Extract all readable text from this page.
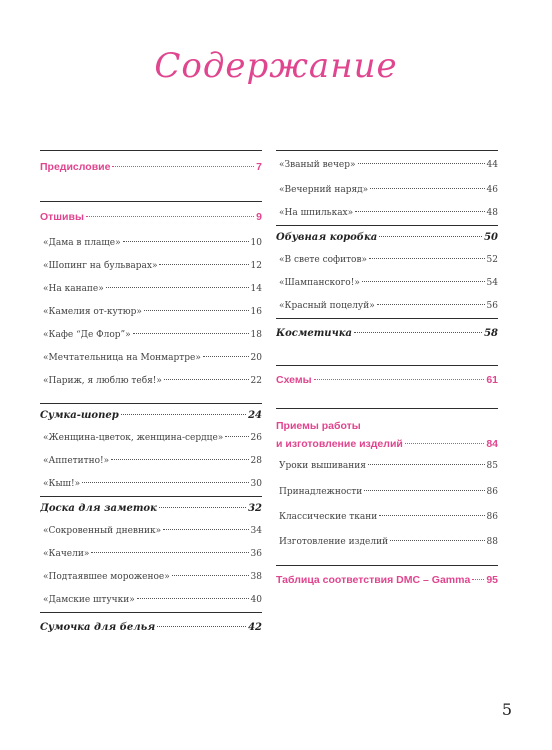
Содержание
Предисловие	7
Отшивы	9
«Дама в плаще»	10
«Шопинг на бульварах»	12
«На канапе»	14
«Камелия от-кутюр»	16
«Кафе “Де Флор”»	18
«Мечтательница на Монмартре»	20
«Париж, я люблю тебя!»	22
Сумка-шопер	24
«Женщина-цветок, женщина-сердце»	26
«Аппетитно!»	28
«Кыш!»	30
Доска для заметок	32
«Сокровенный дневник»	34
«Качели»	36
«Подтаявшее мороженое»	38
«Дамские штучки»	40
Сумочка для белья	42
«Званый вечер»	44
«Вечерний наряд»	46
«На шпильках»	48
Обувная коробка	50
«В свете софитов»	52
«Шампанского!»	54
«Красный поцелуй»	56
Косметичка	58
Схемы	61
Приемы работы
и изготовление изделий	84
Уроки вышивания	85
Принадлежности	86
Классические ткани	86
Изготовление изделий	88
Таблица соответствия DMC – Gamma 95
5
